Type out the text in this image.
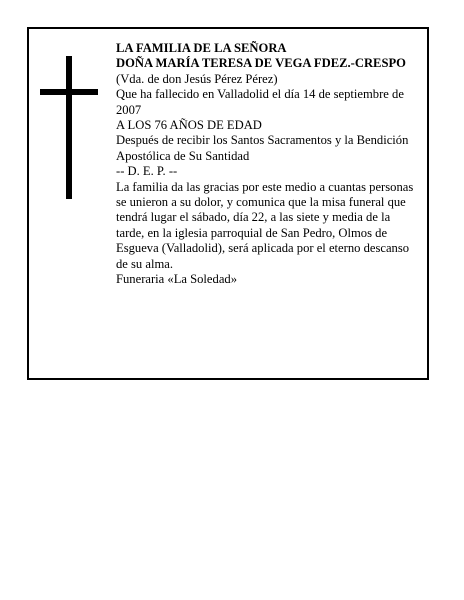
LA FAMILIA DE LA SEÑORA

DOÑA MARÍA TERESA DE VEGA FDEZ.-CRESPO

(Vda. de don Jesús Pérez Pérez)

Que ha fallecido en Valladolid el día 14 de septiembre de 2007

A LOS 76 AÑOS DE EDAD

Después de recibir los Santos Sacramentos y la Bendición Apostólica de Su Santidad

-- D. E. P. --

La familia da las gracias por este medio a cuantas personas se unieron a su dolor, y comunica que la misa funeral que tendrá lugar el sábado, día 22, a las siete y media de la tarde, en la iglesia parroquial de San Pedro, Olmos de Esgueva (Valladolid), será aplicada por el eterno descanso de su alma.

Funeraria «La Soledad»
